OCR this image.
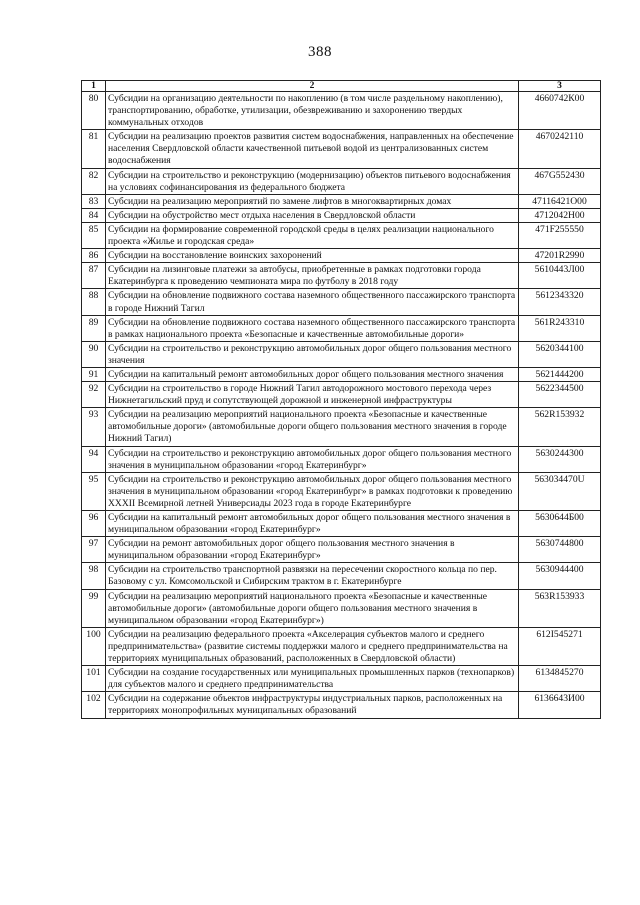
388
1	2	3
80	Субсидии на организацию деятельности по накоплению (в том числе раздельному накоплению), транспортированию, обработке, утилизации, обезвреживанию и захоронению твердых коммунальных отходов	4660742К00
81	Субсидии на реализацию проектов развития систем водоснабжения, направленных на обеспечение населения Свердловской области качественной питьевой водой из централизованных систем водоснабжения	4670242110
82	Субсидии на строительство и реконструкцию (модернизацию) объектов питьевого водоснабжения на условиях софинансирования из федерального бюджета	467G552430
83	Субсидии на реализацию мероприятий по замене лифтов в многоквартирных домах	47116421О00
84	Субсидии на обустройство мест отдыха населения в Свердловской области	4712042Н00
85	Субсидии на формирование современной городской среды в целях реализации национального проекта «Жилье и городская среда»	471F255550
86	Субсидии на восстановление воинских захоронений	47201R2990
87	Субсидии на лизинговые платежи за автобусы, приобретенные в рамках подготовки города Екатеринбурга к проведению чемпионата мира по футболу в 2018 году	5610443Л00
88	Субсидии на обновление подвижного состава наземного общественного пассажирского транспорта в городе Нижний Тагил	5612343320
89	Субсидии на обновление подвижного состава наземного общественного пассажирского транспорта в рамках национального проекта «Безопасные и качественные автомобильные дороги»	561R243310
90	Субсидии на строительство и реконструкцию автомобильных дорог общего пользования местного значения	5620344100
91	Субсидии на капитальный ремонт автомобильных дорог общего пользования местного значения	5621444200
92	Субсидии на строительство в городе Нижний Тагил автодорожного мостового перехода через Нижнетагильский пруд и сопутствующей дорожной и инженерной инфраструктуры	5622344500
93	Субсидии на реализацию мероприятий национального проекта «Безопасные и качественные автомобильные дороги» (автомобильные дороги общего пользования местного значения в городе Нижний Тагил)	562R153932
94	Субсидии на строительство и реконструкцию автомобильных дорог общего пользования местного значения в муниципальном образовании «город Екатеринбург»	5630244300
95	Субсидии на строительство и реконструкцию автомобильных дорог общего пользования местного значения в муниципальном образовании «город Екатеринбург» в рамках подготовки к проведению XXXII Всемирной летней Универсиады 2023 года в городе Екатеринбурге	563034470U
96	Субсидии на капитальный ремонт автомобильных дорог общего пользования местного значения в муниципальном образовании «город Екатеринбург»	5630644Б00
97	Субсидии на ремонт автомобильных дорог общего пользования местного значения в муниципальном образовании «город Екатеринбург»	5630744800
98	Субсидии на строительство транспортной развязки на пересечении скоростного кольца по пер. Базовому с ул. Комсомольской и Сибирским трактом в г. Екатеринбурге	5630944400
99	Субсидии на реализацию мероприятий национального проекта «Безопасные и качественные автомобильные дороги» (автомобильные дороги общего пользования местного значения в муниципальном образовании «город Екатеринбург»)	563R153933
100	Субсидии на реализацию федерального проекта «Акселерация субъектов малого и среднего предпринимательства» (развитие системы поддержки малого и среднего предпринимательства на территориях муниципальных образований, расположенных в Свердловской области)	612I545271
101	Субсидии на создание государственных или муниципальных промышленных парков (технопарков) для субъектов малого и среднего предпринимательства	6134845270
102	Субсидии на содержание объектов инфраструктуры индустриальных парков, расположенных на территориях монопрофильных муниципальных образований	6136643И00
